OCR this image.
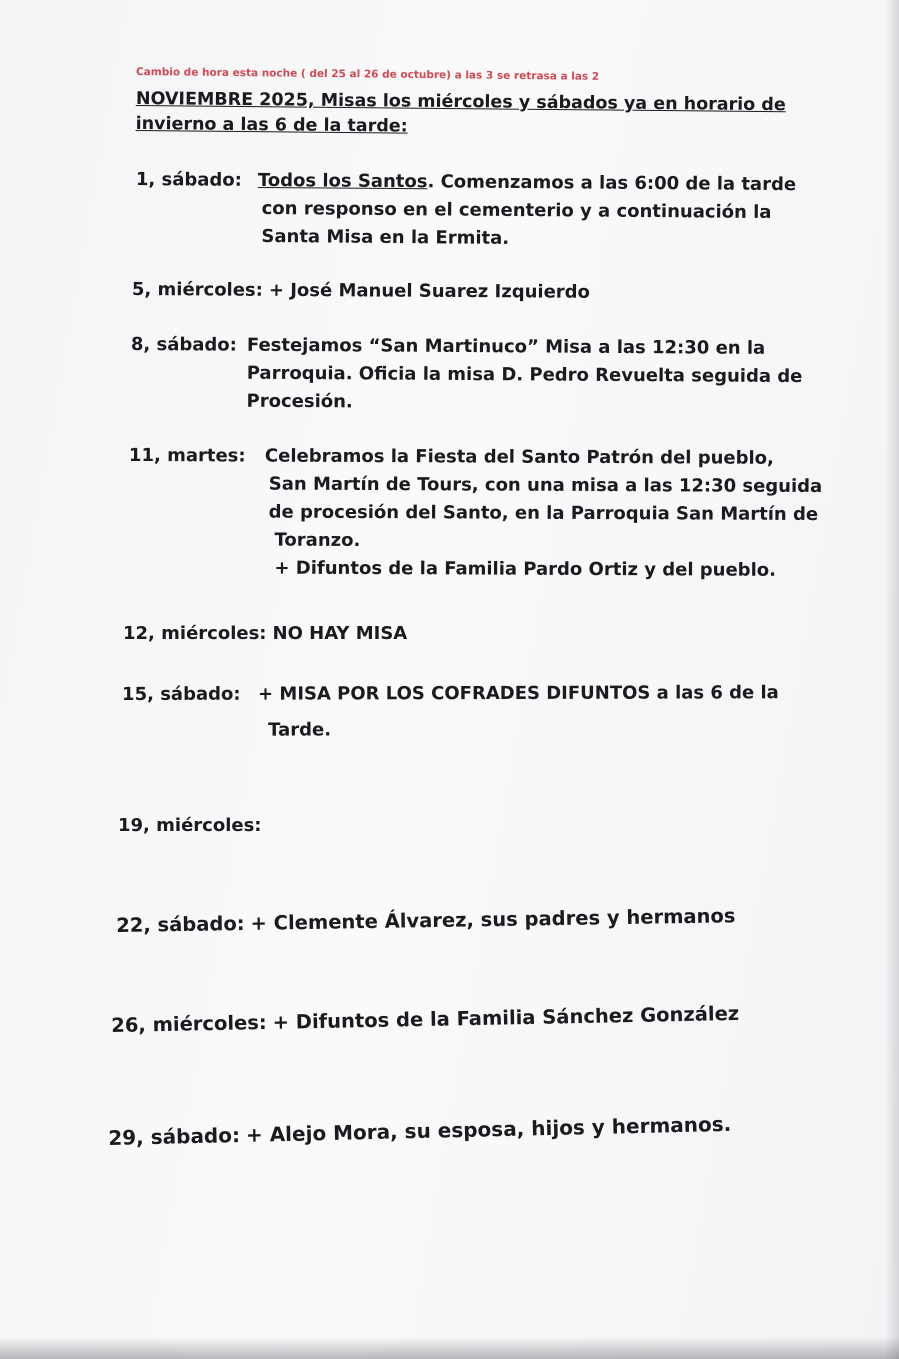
Cambio de hora esta noche ( del 25 al 26 de octubre) a las 3 se retrasa a las 2
NOVIEMBRE 2025, Misas los miércoles y sábados ya en horario de invierno a las 6 de la tarde:
1, sábado: Todos los Santos. Comenzamos a las 6:00 de la tarde
con responso en el cementerio y a continuación la
Santa Misa en la Ermita.
5, miércoles: + José Manuel Suarez Izquierdo
8, sábado: Festejamos “San Martinuco” Misa a las 12:30 en la
Parroquia. Oficia la misa D. Pedro Revuelta seguida de
Procesión.
11, martes: Celebramos la Fiesta del Santo Patrón del pueblo,
San Martín de Tours, con una misa a las 12:30 seguida
de procesión del Santo, en la Parroquia San Martín de
Toranzo.
+ Difuntos de la Familia Pardo Ortiz y del pueblo.
12, miércoles: NO HAY MISA
15, sábado: + MISA POR LOS COFRADES DIFUNTOS a las 6 de la
Tarde.
19, miércoles:
22, sábado: + Clemente Álvarez, sus padres y hermanos
26, miércoles: + Difuntos de la Familia Sánchez González
29, sábado: + Alejo Mora, su esposa, hijos y hermanos.
